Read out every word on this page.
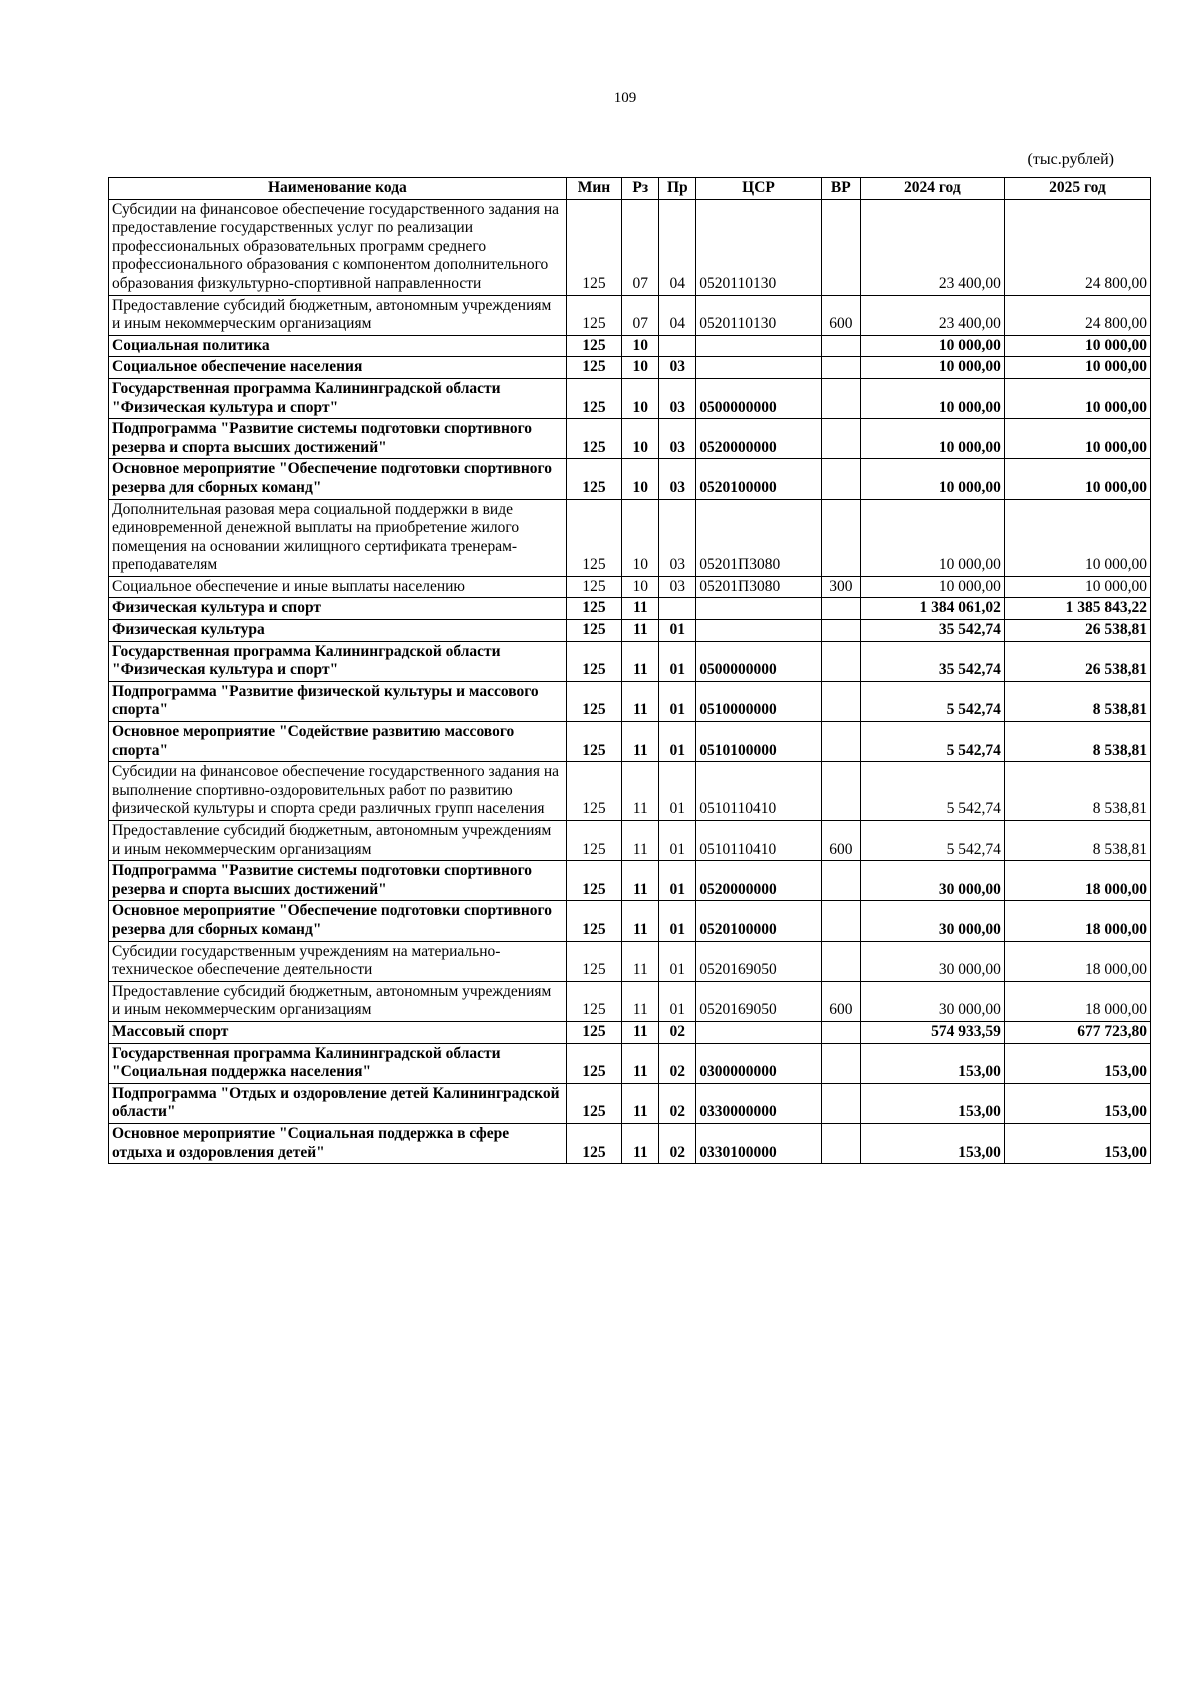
109
(тыс.рублей)
Наименование кода	Мин	Рз	Пр	ЦСР	ВР	2024 год	2025 год
Субсидии на финансовое обеспечение государственного задания на предоставление государственных услуг по реализации профессиональных образовательных программ среднего профессионального образования с компонентом дополнительного образования физкультурно-спортивной направленности	125	07	04	0520110130		23 400,00	24 800,00
Предоставление субсидий бюджетным, автономным учреждениям и иным некоммерческим организациям	125	07	04	0520110130	600	23 400,00	24 800,00
Социальная политика	125	10				10 000,00	10 000,00
Социальное обеспечение населения	125	10	03			10 000,00	10 000,00
Государственная программа Калининградской области "Физическая культура и спорт"	125	10	03	0500000000		10 000,00	10 000,00
Подпрограмма "Развитие системы подготовки спортивного резерва и спорта высших достижений"	125	10	03	0520000000		10 000,00	10 000,00
Основное мероприятие "Обеспечение подготовки спортивного резерва для сборных команд"	125	10	03	0520100000		10 000,00	10 000,00
Дополнительная разовая мера социальной поддержки в виде единовременной денежной выплаты на приобретение жилого помещения на основании жилищного сертификата тренерам-преподавателям	125	10	03	05201П3080		10 000,00	10 000,00
Социальное обеспечение и иные выплаты населению	125	10	03	05201П3080	300	10 000,00	10 000,00
Физическая культура и спорт	125	11				1 384 061,02	1 385 843,22
Физическая культура	125	11	01			35 542,74	26 538,81
Государственная программа Калининградской области "Физическая культура и спорт"	125	11	01	0500000000		35 542,74	26 538,81
Подпрограмма "Развитие физической культуры и массового спорта"	125	11	01	0510000000		5 542,74	8 538,81
Основное мероприятие "Содействие развитию массового спорта"	125	11	01	0510100000		5 542,74	8 538,81
Субсидии на финансовое обеспечение государственного задания на выполнение спортивно-оздоровительных работ по развитию физической культуры и спорта среди различных групп населения	125	11	01	0510110410		5 542,74	8 538,81
Предоставление субсидий бюджетным, автономным учреждениям и иным некоммерческим организациям	125	11	01	0510110410	600	5 542,74	8 538,81
Подпрограмма "Развитие системы подготовки спортивного резерва и спорта высших достижений"	125	11	01	0520000000		30 000,00	18 000,00
Основное мероприятие "Обеспечение подготовки спортивного резерва для сборных команд"	125	11	01	0520100000		30 000,00	18 000,00
Субсидии государственным учреждениям на материально-техническое обеспечение деятельности	125	11	01	0520169050		30 000,00	18 000,00
Предоставление субсидий бюджетным, автономным учреждениям и иным некоммерческим организациям	125	11	01	0520169050	600	30 000,00	18 000,00
Массовый спорт	125	11	02			574 933,59	677 723,80
Государственная программа Калининградской области "Социальная поддержка населения"	125	11	02	0300000000		153,00	153,00
Подпрограмма "Отдых и оздоровление детей Калининградской области"	125	11	02	0330000000		153,00	153,00
Основное мероприятие "Социальная поддержка в сфере отдыха и оздоровления детей"	125	11	02	0330100000		153,00	153,00
